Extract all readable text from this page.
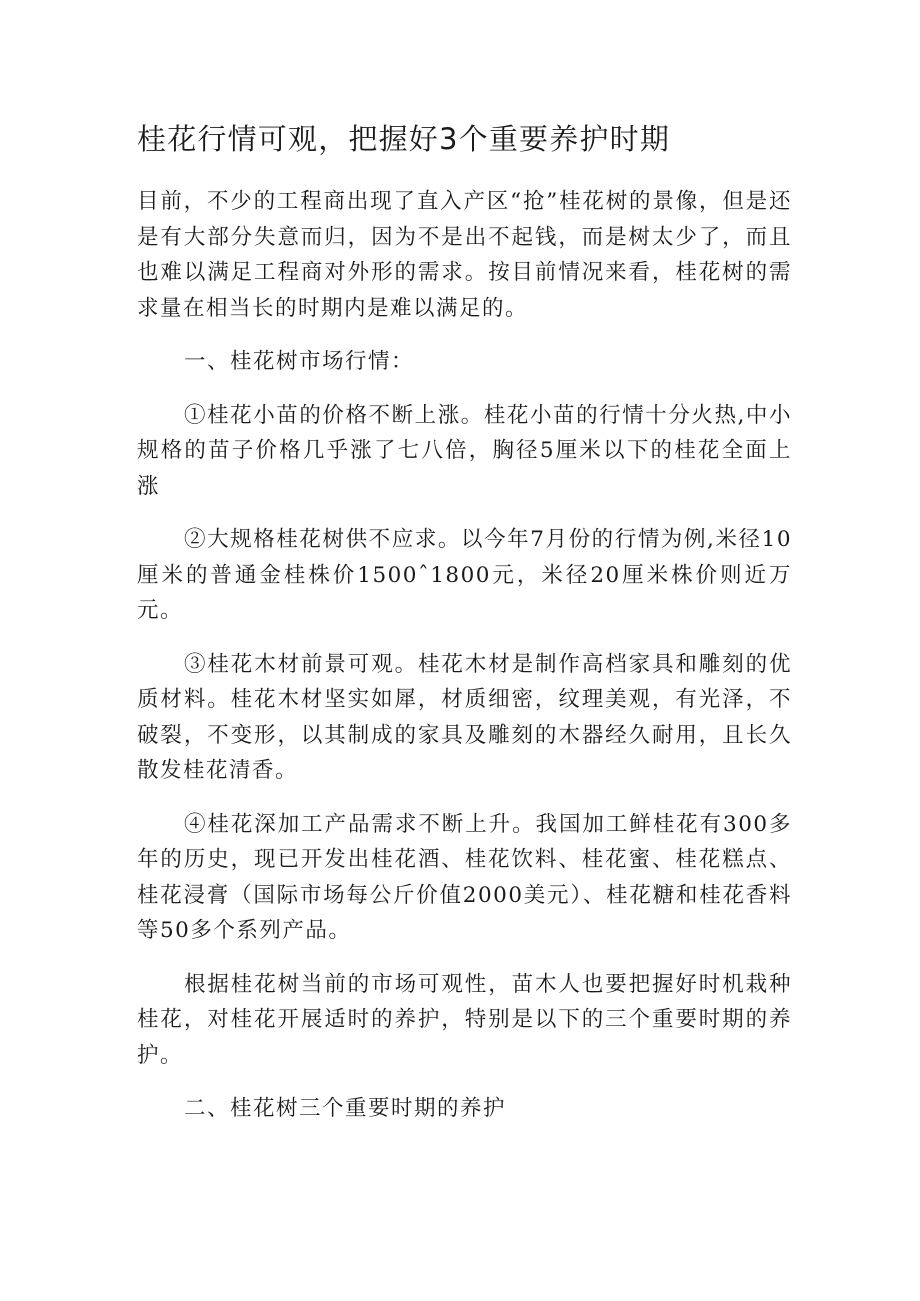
桂花行情可观，把握好3个重要养护时期

目前，不少的工程商出现了直入产区“抢”桂花树的景像，但是还是有大部分失意而归，因为不是出不起钱，而是树太少了，而且也难以满足工程商对外形的需求。按目前情况来看，桂花树的需求量在相当长的时期内是难以满足的。

一、桂花树市场行情：

①桂花小苗的价格不断上涨。桂花小苗的行情十分火热,中小规格的苗子价格几乎涨了七八倍，胸径5厘米以下的桂花全面上涨

②大规格桂花树供不应求。以今年7月份的行情为例,米径10厘米的普通金桂株价1500ˆ1800元，米径20厘米株价则近万元。

③桂花木材前景可观。桂花木材是制作高档家具和雕刻的优质材料。桂花木材坚实如犀，材质细密，纹理美观，有光泽，不破裂，不变形，以其制成的家具及雕刻的木器经久耐用，且长久散发桂花清香。

④桂花深加工产品需求不断上升。我国加工鲜桂花有300多年的历史，现已开发出桂花酒、桂花饮料、桂花蜜、桂花糕点、桂花浸膏（国际市场每公斤价值2000美元）、桂花糖和桂花香料等50多个系列产品。

根据桂花树当前的市场可观性，苗木人也要把握好时机栽种桂花，对桂花开展适时的养护，特别是以下的三个重要时期的养护。

二、桂花树三个重要时期的养护
